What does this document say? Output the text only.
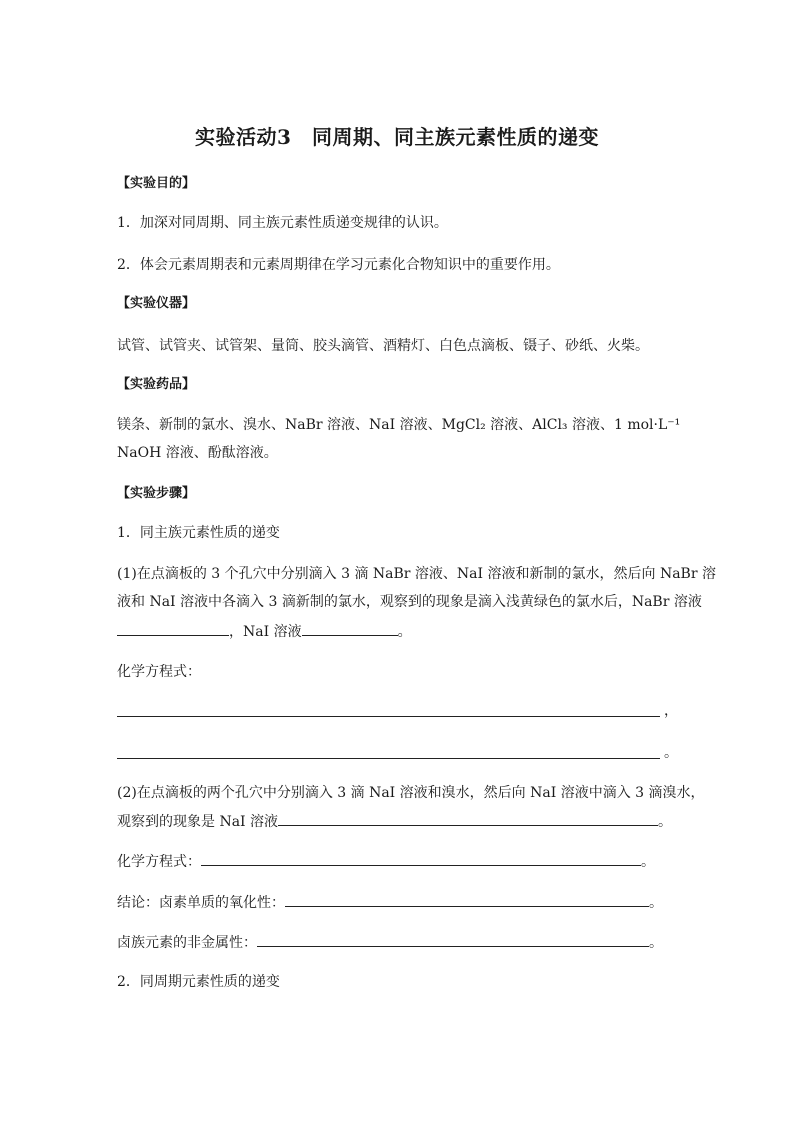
实验活动3　同周期、同主族元素性质的递变
【实验目的】
1．加深对同周期、同主族元素性质递变规律的认识。
2．体会元素周期表和元素周期律在学习元素化合物知识中的重要作用。
【实验仪器】
试管、试管夹、试管架、量筒、胶头滴管、酒精灯、白色点滴板、镊子、砂纸、火柴。
【实验药品】
镁条、新制的氯水、溴水、NaBr 溶液、NaI 溶液、MgCl₂ 溶液、AlCl₃ 溶液、1 mol·L⁻¹
NaOH 溶液、酚酞溶液。
【实验步骤】
1．同主族元素性质的递变
(1)在点滴板的 3 个孔穴中分别滴入 3 滴 NaBr 溶液、NaI 溶液和新制的氯水，然后向 NaBr 溶
液和 NaI 溶液中各滴入 3 滴新制的氯水，观察到的现象是滴入浅黄绿色的氯水后，NaBr 溶液
，NaI 溶液	。
化学方程式：
，
。
(2)在点滴板的两个孔穴中分别滴入 3 滴 NaI 溶液和溴水，然后向 NaI 溶液中滴入 3 滴溴水，
观察到的现象是 NaI 溶液	。
化学方程式：	。
结论：卤素单质的氧化性：	。
卤族元素的非金属性：	。
2．同周期元素性质的递变
